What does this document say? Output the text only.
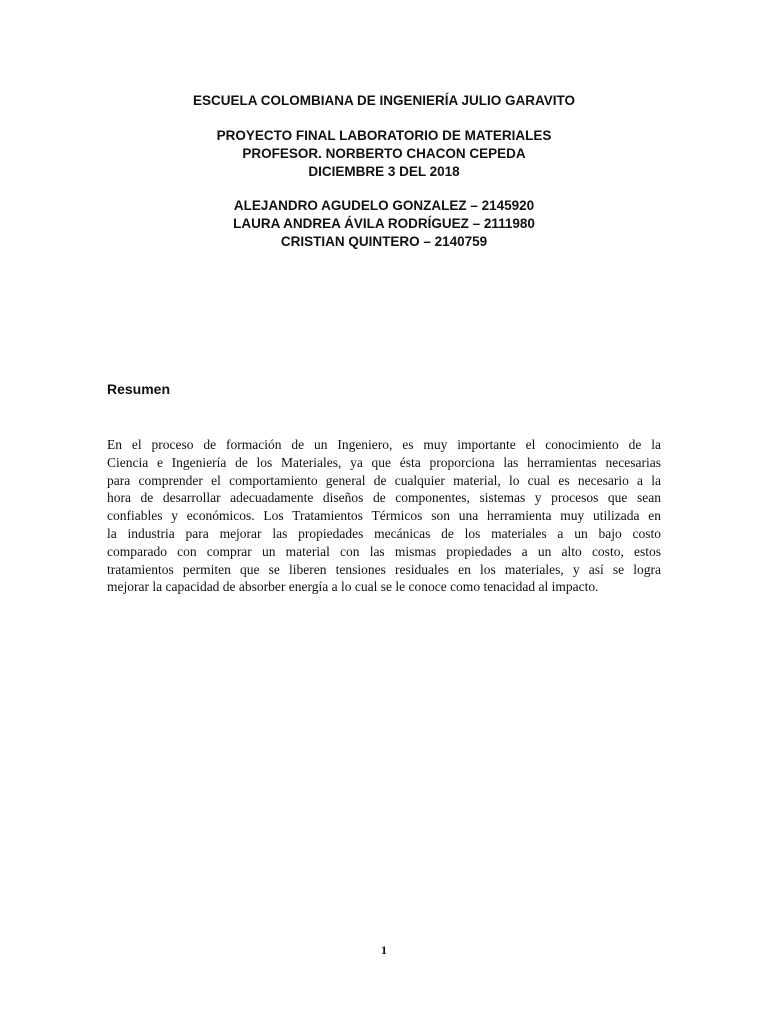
ESCUELA COLOMBIANA DE INGENIERÍA JULIO GARAVITO
PROYECTO FINAL LABORATORIO DE MATERIALES
PROFESOR. NORBERTO CHACON CEPEDA
DICIEMBRE 3 DEL 2018
ALEJANDRO AGUDELO GONZALEZ – 2145920
LAURA ANDREA ÁVILA RODRÍGUEZ – 2111980
CRISTIAN QUINTERO – 2140759
Resumen
En el proceso de formación de un Ingeniero, es muy importante el conocimiento de la
Ciencia e Ingeniería de los Materiales, ya que ésta proporciona las herramientas necesarias
para comprender el comportamiento general de cualquier material, lo cual es necesario a la
hora de desarrollar adecuadamente diseños de componentes, sistemas y procesos que sean
confiables y económicos. Los Tratamientos Térmicos son una herramienta muy utilizada en
la industria para mejorar las propiedades mecánicas de los materiales a un bajo costo
comparado con comprar un material con las mismas propiedades a un alto costo, estos
tratamientos permiten que se liberen tensiones residuales en los materiales, y así se logra
mejorar la capacidad de absorber energía a lo cual se le conoce como tenacidad al impacto.
1
